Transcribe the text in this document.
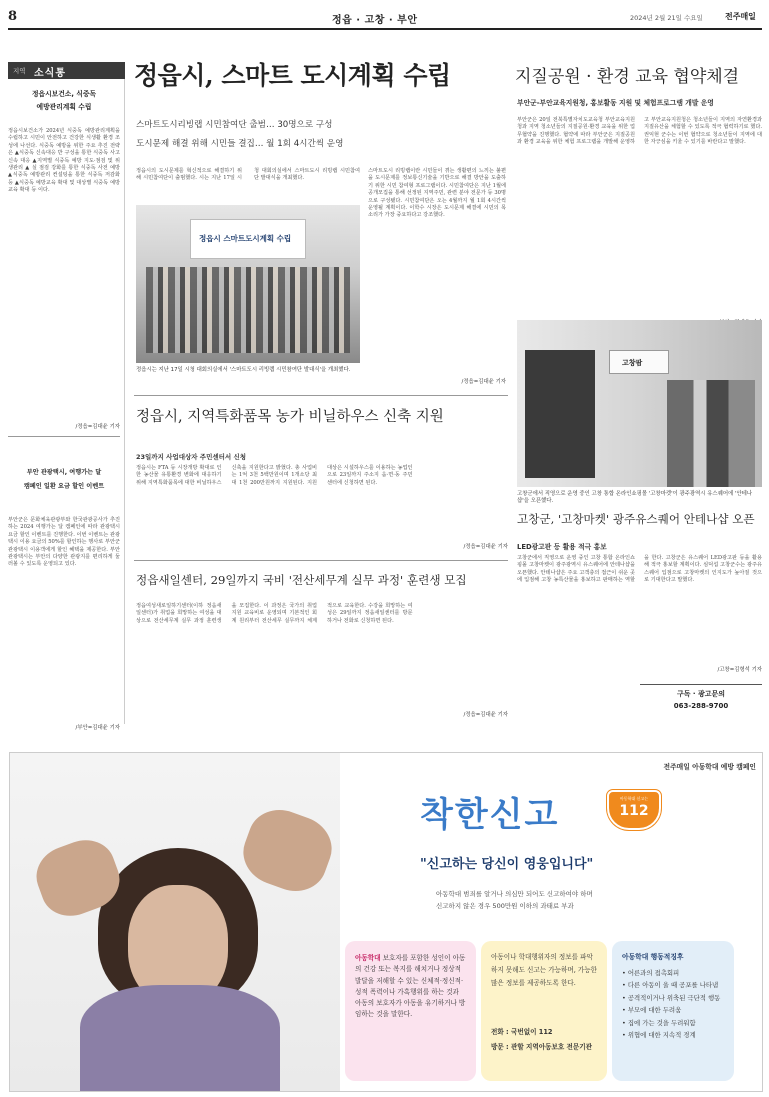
8	정읍 · 고창 · 부안	2024년 2월 21일 수요일	전주매일
지역 소식통
정읍시보건소, 식중독
예방관리계획 수립
정읍시보건소가 2024년 식중독 예방관리계획을 수립하고 시민이 안전하고 건강한 식생활 환경 조성에 나선다. 식중독 예방을 위한 주요 추진 전략은 ▲식중독 신속대응 반 구성을 통한 식중독 사고 신속 대응 ▲지역별 식중독 예방 지도·점검 및 위생관리 ▲ 실 점검 강화를 통한 식중독 사전 예방 ▲식중독 예방관리 컨설팅을 통한 식중독 저감화 등 ▲식중독 예방교육 확대 및 대상별 식중독 예방 교육 확대 등 이다.
/정읍=김대윤 기자
부안 관광택시, 여행가는 달
캠페인 일환 요금 할인 이벤트
부안군은 문화체육관광부와 한국관광공사가 추진하는 2024 여행가는 달 캠페인에 따라 관광택시 요금 할인 이벤트를 진행한다. 이번 이벤트는 관광택시 이용 요금의 50%를 할인하는 행사로 부안군 관광택시 이용객에게 할인 혜택을 제공한다. 부안 관광택시는 부안의 다양한 관광지를 편리하게 둘러볼 수 있도록 운영되고 있다.
/부안=김대윤 기자
정읍시, 스마트 도시계획 수립
스마트도시리빙랩 시민참여단 출범… 30명으로 구성
도시문제 해결 위해 시민들 결집… 월 1회 4시간씩 운영
정읍시의 도시문제를 혁신적으로 해결하기 위해 시민참여단이 출범했다. 시는 지난 17일 시청 대회의실에서 스마트도시 리빙랩 시민참여단 발대식을 개최했다.
정읍시 스마트도시계획 수립
정읍시는 지난 17일 시청 대회의실에서 '스마트도시 리빙랩 시민참여단 발대식'을 개최했다.
스마트도시 리빙랩이란 시민들이 겪는 생활편의 느끼는 불편을 도시문제를 정보통신기술을 기반으로 해결 방안을 도출하기 위한 시민 참여형 프로그램이다. 시민참여단은 지난 1월에 공개모집을 통해 선정된 지역주민, 관련 분야 전문가 등 30명으로 구성됐다. 시민참여단은 오는 4월까지 월 1회 4시간씩 운영될 계획이다. 이학수 시장은 도시문제 해결에 시민의 목소리가 가장 중요하다고 강조했다.
/정읍=김대윤 기자
지질공원 · 환경 교육 협약체결
부안군-부안교육지원청, 홍보활동 지원 및 체험프로그램 개발 운영
부안군은 20일 전북특별자치도교육청 부안교육지원청과 지역 청소년들의 지질공원·환경 교육을 위한 업무협약을 진행했다. 협약에 따라 부안군은 지질공원과 환경 교육을 위한 체험 프로그램을 개발해 운영하고 부안교육지원청은 청소년들이 지역의 자연환경과 지질유산을 체험할 수 있도록 적극 협력하기로 했다. 권익현 군수는 이번 협약으로 청소년들이 지역에 대한 자긍심을 키울 수 있기를 바란다고 말했다.
정읍시, 지역특화품목 농가 비닐하우스 신축 지원
23일까지 사업대상자 주민센터서 신청
정읍시는 FTA 등 시장개방 확대로 인한 농산물 유통환경 변화에 대응하기 위해 지역특화품목에 대한 비닐하우스 신축을 지원한다고 밝혔다. 총 사업비는 1억 3천 5백만원이며 1개소당 최대 1천 200만원까지 지원된다. 지원 대상은 시설하우스를 이용하는 농업인으로 23일까지 주소지 읍·면·동 주민센터에 신청하면 된다.
/정읍=김대윤 기자
정읍새일센터, 29일까지 국비 '전산세무계 실무 과정' 훈련생 모집
정읍여성새로일하기센터(이하 정읍새일센터)가 취업을 희망하는 여성을 대상으로 전산세무계 실무 과정 훈련생을 모집한다. 이 과정은 국가의 취업 지원 교육비로 운영되며 기본적인 회계 원리부터 전산세무 실무까지 체계적으로 교육한다. 수강을 희망하는 여성은 29일까지 정읍새일센터를 방문하거나 전화로 신청하면 된다.
/정읍=김대윤 기자
고창팜
고창군에서 직영으로 운영 중인 고창 통합 온라인쇼핑몰 '고창마켓'이 광주광역시 유스퀘어에 '안테나샵'을 오픈했다.
고창군, '고창마켓' 광주유스퀘어 안테나샵 오픈
LED광고판 등 활용 적극 홍보
고창군에서 직영으로 운영 중인 고창 통합 온라인쇼핑몰 고창마켓이 광주광역시 유스퀘어에 안테나샵을 오픈했다. 안테나샵은 주요 고객층의 접근이 쉬운 곳에 입점해 고창 농특산물을 홍보하고 판매하는 역할을 한다. 고창군은 유스퀘어 LED광고판 등을 활용해 적극 홍보할 계획이다. 심덕섭 고창군수는 광주유스퀘어 입점으로 고창마켓의 인지도가 높아질 것으로 기대한다고 말했다.
/고창=김형석 기자
구독 · 광고문의
063-288-9700
전주매일 아동학대 예방 캠페인
착한신고	아동학대 신고는
112
"신고하는 당신이 영웅입니다"
아동학대 범죄를 알거나 의심만 되어도 신고하여야 하며
신고하지 않은 경우 500만원 이하의 과태료 부과
아동학대 보호자를 포함한 성인이 아동의 건강 또는 복지를 해치거나 정상적 발달을 저해할 수 있는 신체적·정신적·성적 폭력이나 가혹행위를 하는 것과 아동의 보호자가 아동을 유기하거나 방임하는 것을 말한다.
아동이나 학대행위자의 정보를 파악하지 못해도 신고는 가능하며, 가능한 많은 정보를 제공하도록 한다.
전화 : 국번없이 112
방문 : 관할 지역아동보호 전문기관
아동학대 행동적징후
• 어른과의 접촉회피
• 다른 아동이 울 때 공포를 나타냄
• 공격적이거나 위축된 극단적 행동
• 부모에 대한 두려움
• 집에 가는 것을 두려워함
• 위협에 대한 지속적 경계
